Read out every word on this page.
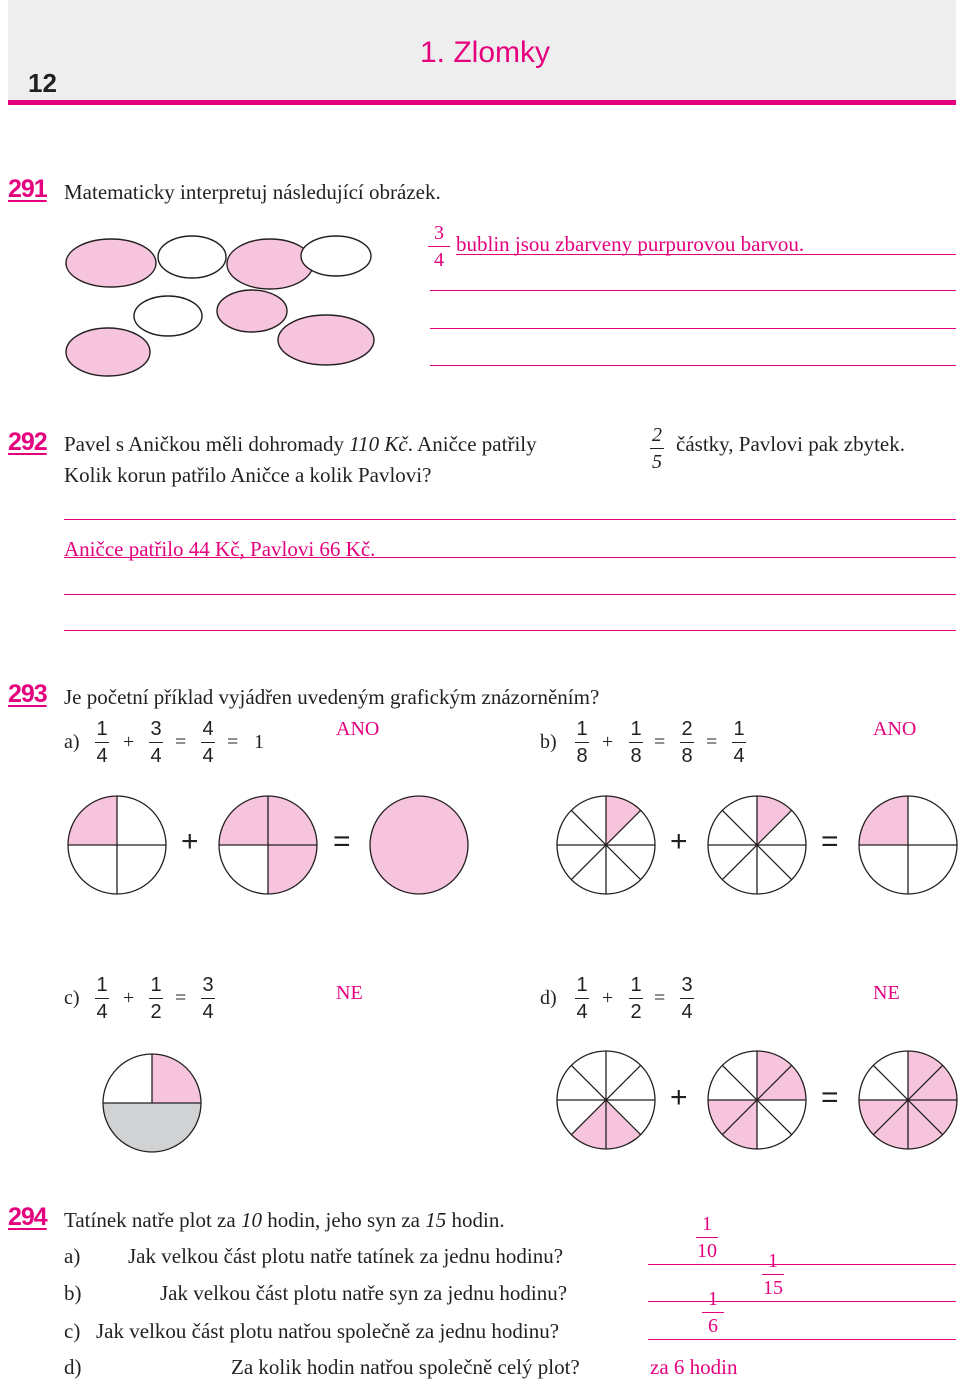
12
1. Zlomky
291 Matematicky interpretuj následující obrázek.
3
4
bublin jsou zbarveny purpurovou barvou.
292 Pavel s Aničkou měli dohromady 110 Kč. Aničce patřily	2
5
částky, Pavlovi pak zbytek.
Kolik korun patřilo Aničce a kolik Pavlovi?
Aničce patřilo 44 Kč, Pavlovi 66 Kč.
293 Je početní příklad vyjádřen uvedeným grafickým znázorněním?
a)
1
4
+
3
4
=
4
4
= 1
ANO
b)
1
8
+
1
8
=
2
8
=
1
4
ANO
+	=	+	=
c)
1
4
+
1
2
=
3
4
NE	d)
1
4
+
1
2
=
3
4
NE
+	=
294 Tatínek natře plot za 10 hodin, jeho syn za 15 hodin.
a) Jak velkou část plotu natře tatínek za jednu hodinu?
1
10
b)	Jak velkou část plotu natře syn za jednu hodinu?
1
15
c) Jak velkou část plotu natřou společně za jednu hodinu?
1
6
d)	Za kolik hodin natřou společně celý plot?	za 6 hodin
